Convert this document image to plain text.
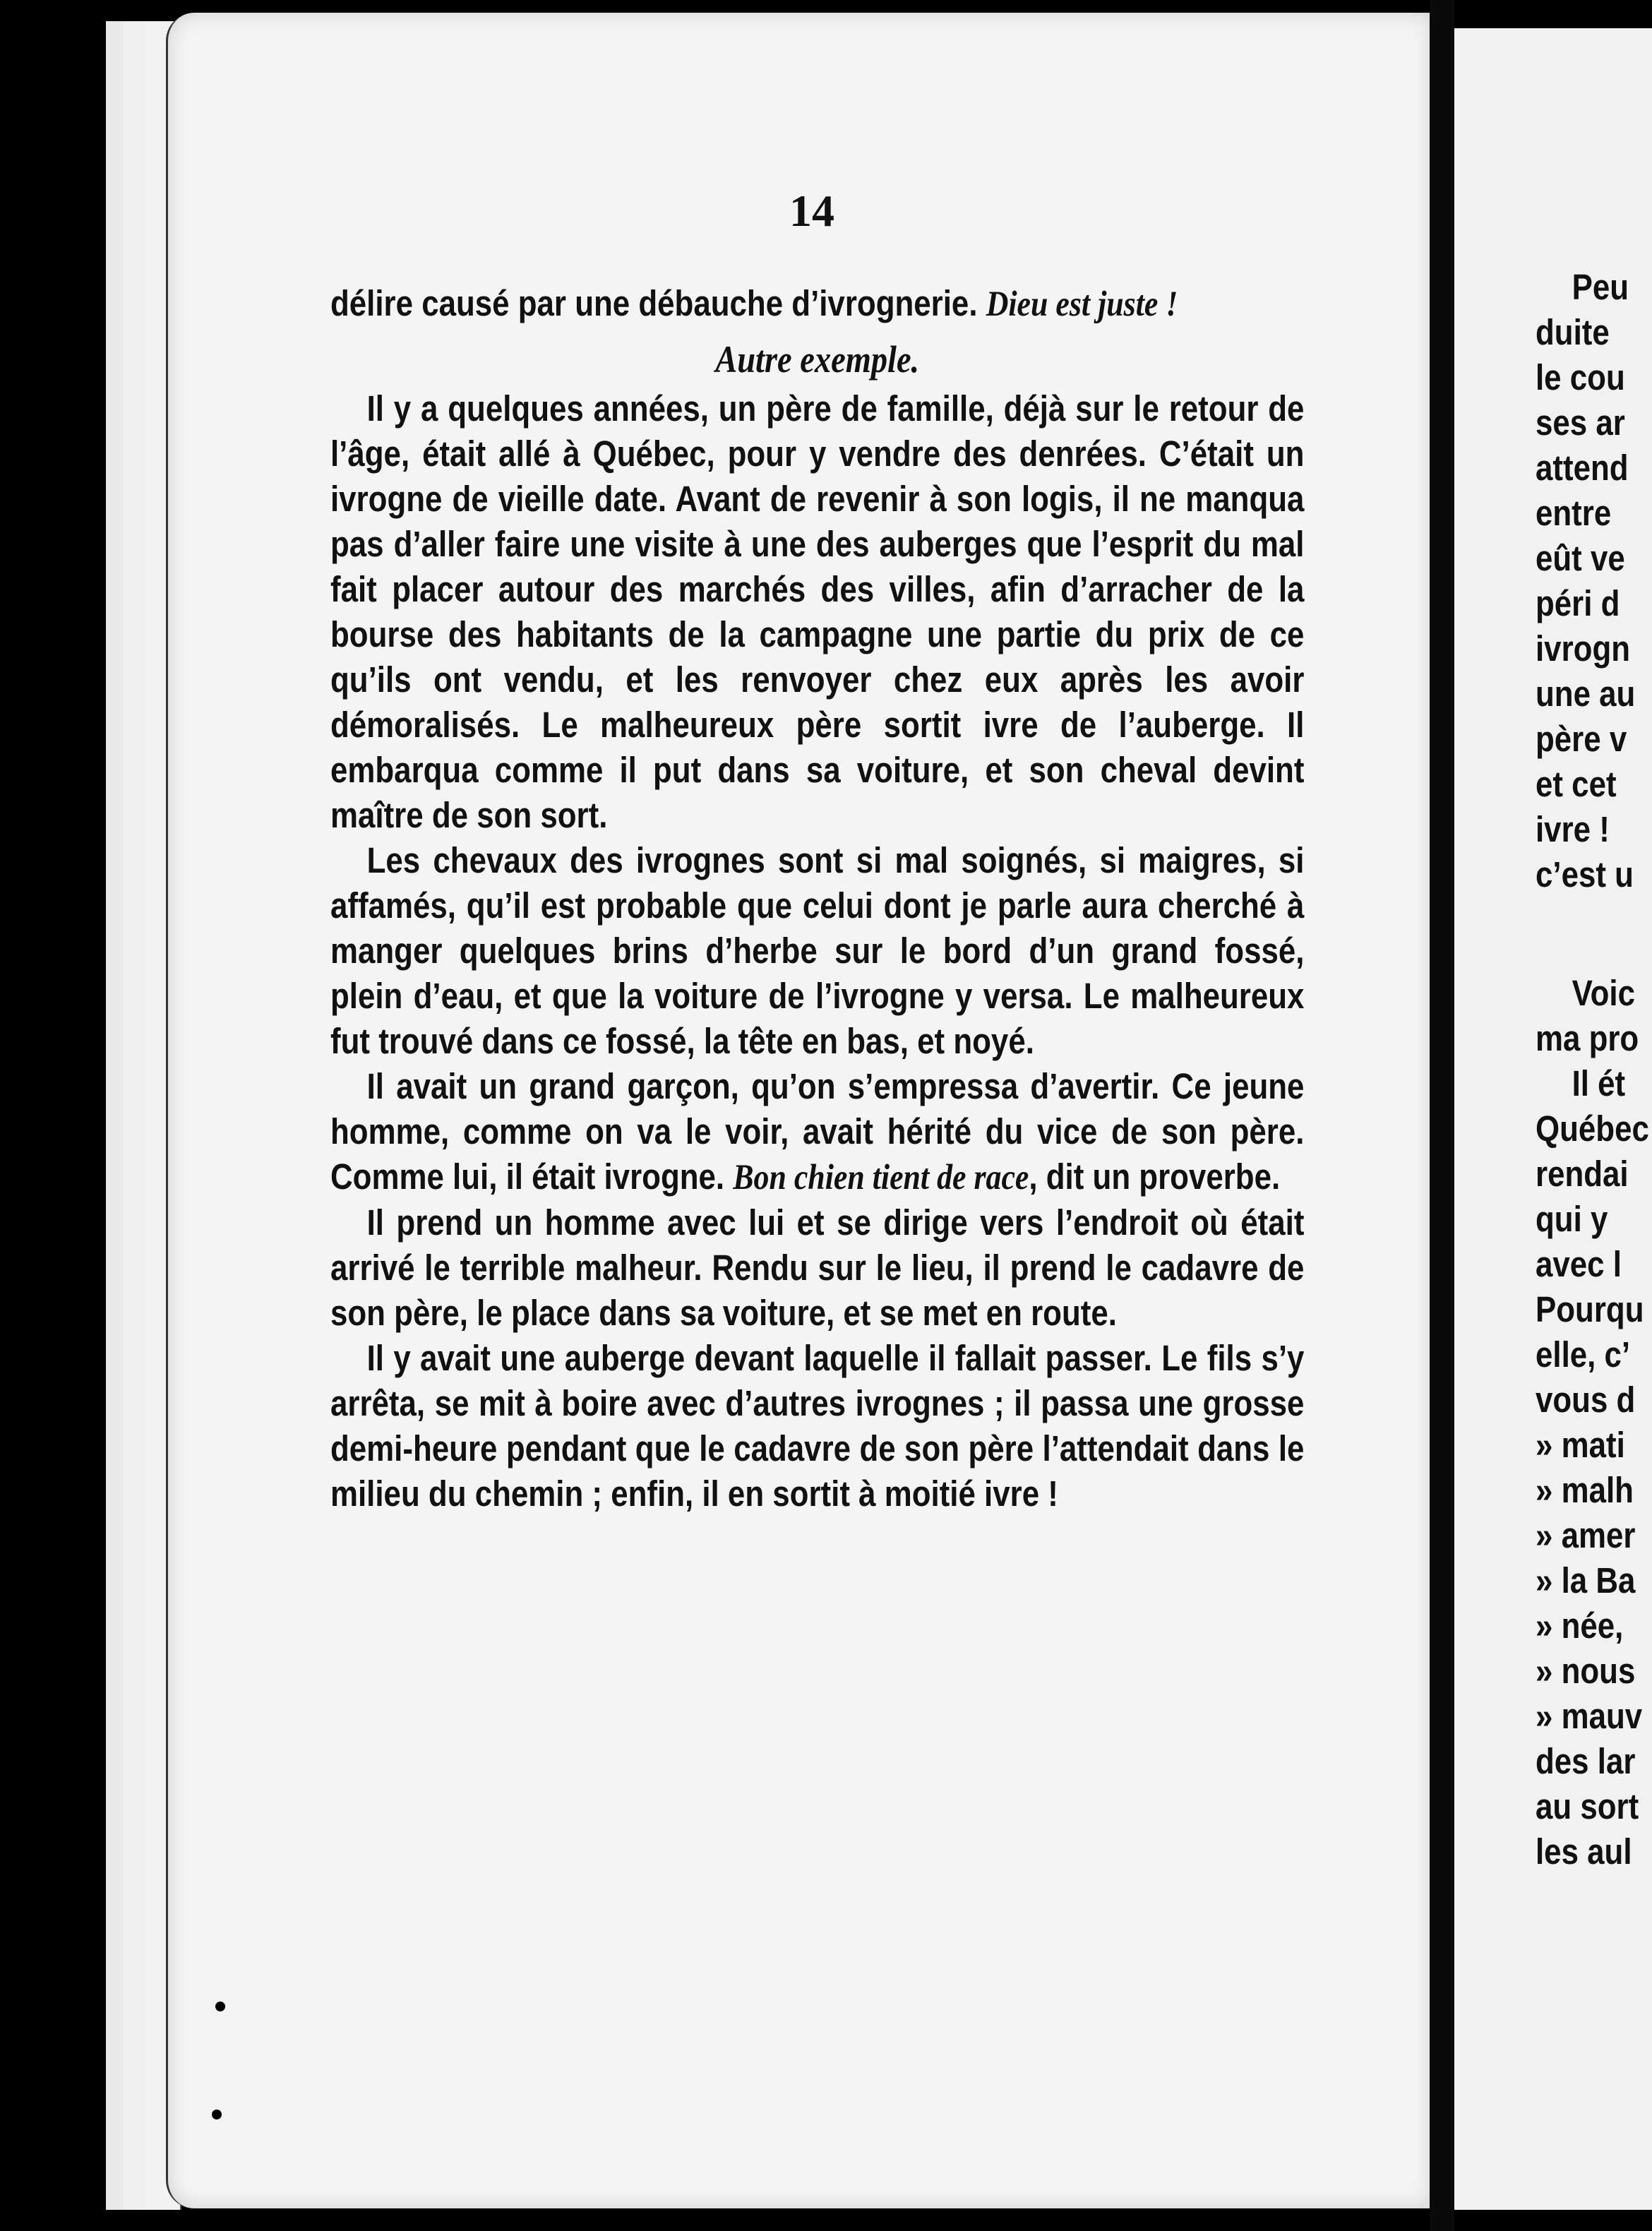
14

délire causé par une débauche d’ivrognerie. Dieu est juste !

Autre exemple.

Il y a quelques années, un père de famille, déjà sur le retour de l’âge, était allé à Québec, pour y vendre des denrées. C’était un ivrogne de vieille date. Avant de revenir à son logis, il ne manqua pas d’aller faire une visite à une des auberges que l’esprit du mal fait placer autour des marchés des villes, afin d’arracher de la bourse des habitants de la campagne une partie du prix de ce qu’ils ont vendu, et les renvoyer chez eux après les avoir démoralisés. Le malheureux père sortit ivre de l’auberge. Il embarqua comme il put dans sa voiture, et son cheval devint maître de son sort.

Les chevaux des ivrognes sont si mal soignés, si maigres, si affamés, qu’il est probable que celui dont je parle aura cherché à manger quelques brins d’herbe sur le bord d’un grand fossé, plein d’eau, et que la voiture de l’ivrogne y versa. Le malheureux fut trouvé dans ce fossé, la tête en bas, et noyé.

Il avait un grand garçon, qu’on s’empressa d’avertir. Ce jeune homme, comme on va le voir, avait hérité du vice de son père. Comme lui, il était ivrogne. Bon chien tient de race, dit un proverbe.

Il prend un homme avec lui et se dirige vers l’endroit où était arrivé le terrible malheur. Rendu sur le lieu, il prend le cadavre de son père, le place dans sa voiture, et se met en route.

Il y avait une auberge devant laquelle il fallait passer. Le fils s’y arrêta, se mit à boire avec d’autres ivrognes ; il passa une grosse demi-heure pendant que le cadavre de son père l’attendait dans le milieu du chemin ; enfin, il en sortit à moitié ivre !

Peu
duite
le cou
ses ar
attend
entre
eût ve
péri d
ivrogn
une au
père v
et cet
ivre !
c’est u
Voic
ma pro
Il ét
Québec
rendai
qui y
avec l
Pourqu
elle, c’
vous d
» mati
» malh
» amer
» la Ba
» née,
» nous
» mauv
des lar
au sort
les aul
